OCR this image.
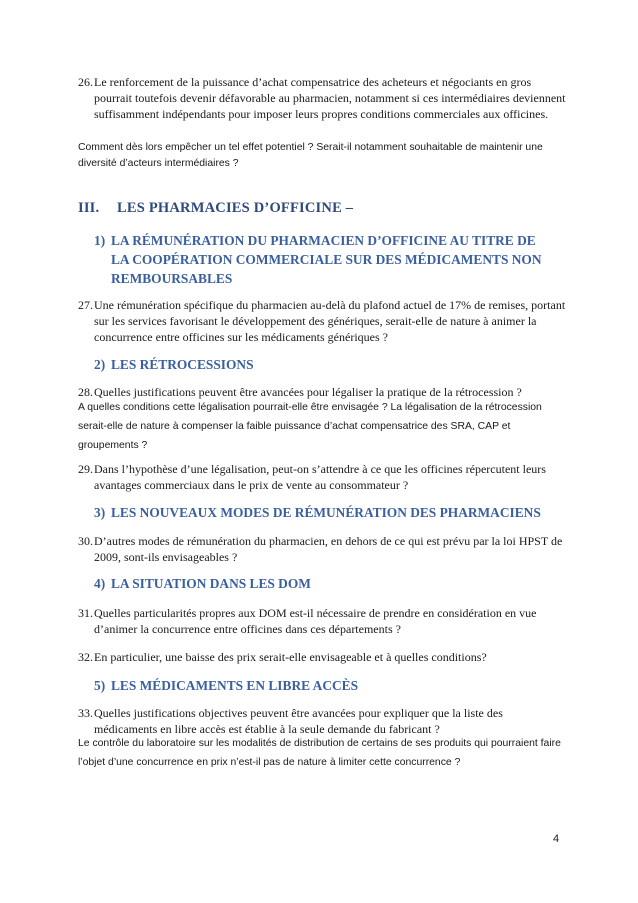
26. Le renforcement de la puissance d’achat compensatrice des acheteurs et négociants en gros pourrait toutefois devenir défavorable au pharmacien, notamment si ces intermédiaires deviennent suffisamment indépendants pour imposer leurs propres conditions commerciales aux officines.
Comment dès lors empêcher un tel effet potentiel ? Serait-il notamment souhaitable de maintenir une diversité d’acteurs intermédiaires ?
III. LES PHARMACIES D’OFFICINE –
1) LA RÉMUNÉRATION DU PHARMACIEN D’OFFICINE AU TITRE DE LA COOPÉRATION COMMERCIALE SUR DES MÉDICAMENTS NON REMBOURSABLES
27. Une rémunération spécifique du pharmacien au-delà du plafond actuel de 17% de remises, portant sur les services favorisant le développement des génériques, serait-elle de nature à animer la concurrence entre officines sur les médicaments génériques ?
2) LES RÉTROCESSIONS
28. Quelles justifications peuvent être avancées pour légaliser la pratique de la rétrocession ?
A quelles conditions cette légalisation pourrait-elle être envisagée ? La légalisation de la rétrocession serait-elle de nature à compenser la faible puissance d’achat compensatrice des SRA, CAP et groupements ?
29. Dans l’hypothèse d’une légalisation, peut-on s’attendre à ce que les officines répercutent leurs avantages commerciaux dans le prix de vente au consommateur ?
3) LES NOUVEAUX MODES DE RÉMUNÉRATION DES PHARMACIENS
30. D’autres modes de rémunération du pharmacien, en dehors de ce qui est prévu par la loi HPST de 2009, sont-ils envisageables ?
4) LA SITUATION DANS LES DOM
31. Quelles particularités propres aux DOM est-il nécessaire de prendre en considération en vue d’animer la concurrence entre officines dans ces départements ?
32. En particulier, une baisse des prix serait-elle envisageable et à quelles conditions?
5) LES MÉDICAMENTS EN LIBRE ACCÈS
33. Quelles justifications objectives peuvent être avancées pour expliquer que la liste des médicaments en libre accès est établie à la seule demande du fabricant ?
Le contrôle du laboratoire sur les modalités de distribution de certains de ses produits qui pourraient faire l’objet d’une concurrence en prix n’est-il pas de nature à limiter cette concurrence ?
4
